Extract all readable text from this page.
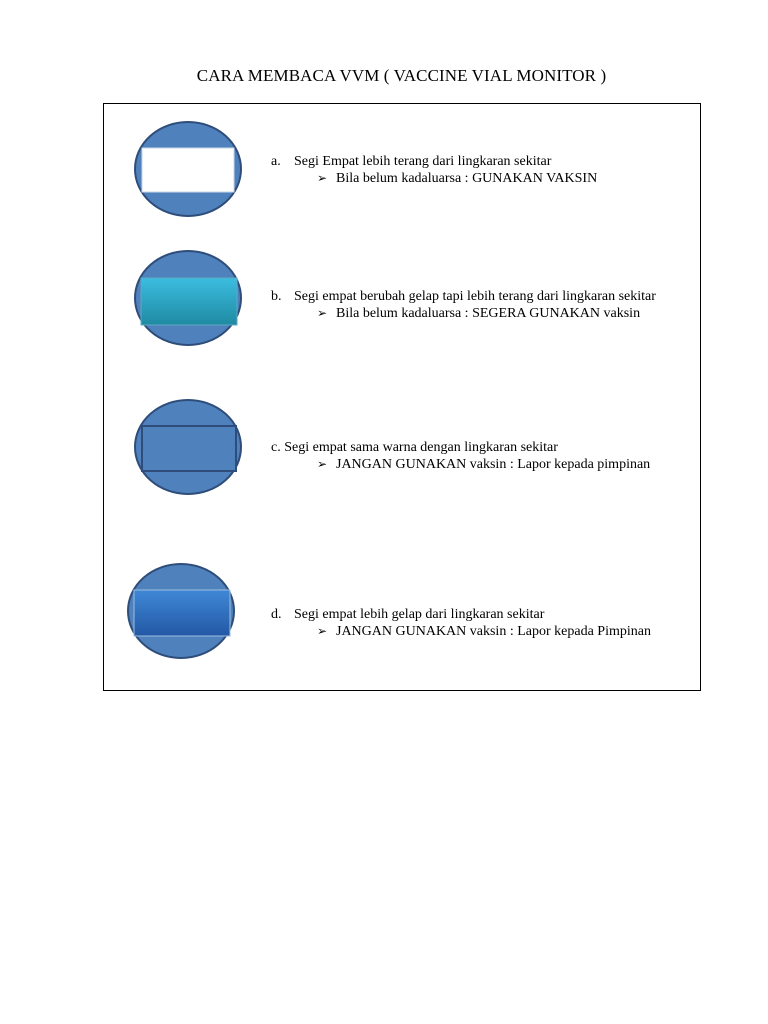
CARA MEMBACA VVM ( VACCINE VIAL MONITOR )
a. Segi Empat lebih terang dari lingkaran sekitar
➢ Bila belum kadaluarsa : GUNAKAN VAKSIN
b. Segi empat berubah gelap tapi lebih terang dari lingkaran sekitar
➢ Bila belum kadaluarsa : SEGERA GUNAKAN vaksin
c. Segi empat sama warna dengan lingkaran sekitar
➢ JANGAN GUNAKAN vaksin : Lapor kepada pimpinan
d. Segi empat lebih gelap dari lingkaran sekitar
➢ JANGAN GUNAKAN vaksin : Lapor kepada Pimpinan
